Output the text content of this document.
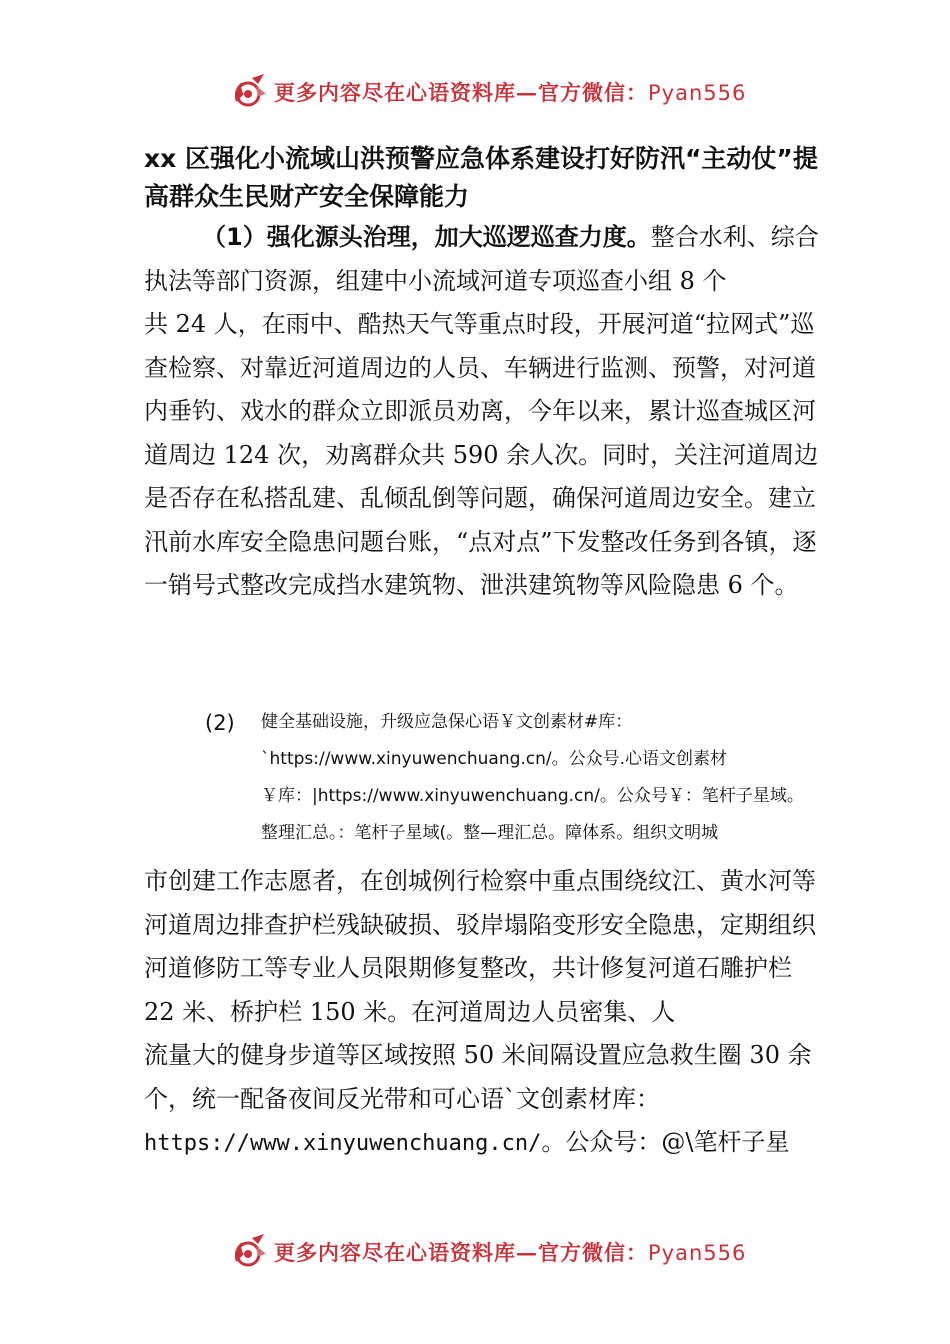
更多内容尽在心语资料库—官方微信：Pyan556
xx 区强化小流域山洪预警应急体系建设打好防汛“主动仗”提高群众生民财产安全保障能力

（1）强化源头治理，加大巡逻巡查力度。整合水利、综合执法等部门资源，组建中小流域河道专项巡查小组 8 个
共 24 人，在雨中、酷热天气等重点时段，开展河道“拉网式”巡查检察、对靠近河道周边的人员、车辆进行监测、预警，对河道内垂钓、戏水的群众立即派员劝离，今年以来，累计巡查城区河道周边 124 次，劝离群众共 590 余人次。同时，关注河道周边是否存在私搭乱建、乱倾乱倒等问题，确保河道周边安全。建立汛前水库安全隐患问题台账，“点对点”下发整改任务到各镇，逐一销号式整改完成挡水建筑物、泄洪建筑物等风险隐患 6 个。

(2)	健全基础设施，升级应急保心语￥文创素材#库：`https://www.xinyuwenchuang.cn/。公众号.心语文创素材￥库：|https://www.xinyuwenchuang.cn/。公众号￥：笔杆子星域。整理汇总。：笔杆子星域(。整—理汇总。障体系。组织文明城

市创建工作志愿者，在创城例行检察中重点围绕纹江、黄水河等河道周边排查护栏残缺破损、驳岸塌陷变形安全隐患，定期组织河道修防工等专业人员限期修复整改，共计修复河道石雕护栏 22 米、桥护栏 150 米。在河道周边人员密集、人
流量大的健身步道等区域按照 50 米间隔设置应急救生圈 30 余个，统一配备夜间反光带和可心语`文创素材库：
https://www.xinyuwenchuang.cn/。公众号：@\笔杆子星

更多内容尽在心语资料库—官方微信：Pyan556
